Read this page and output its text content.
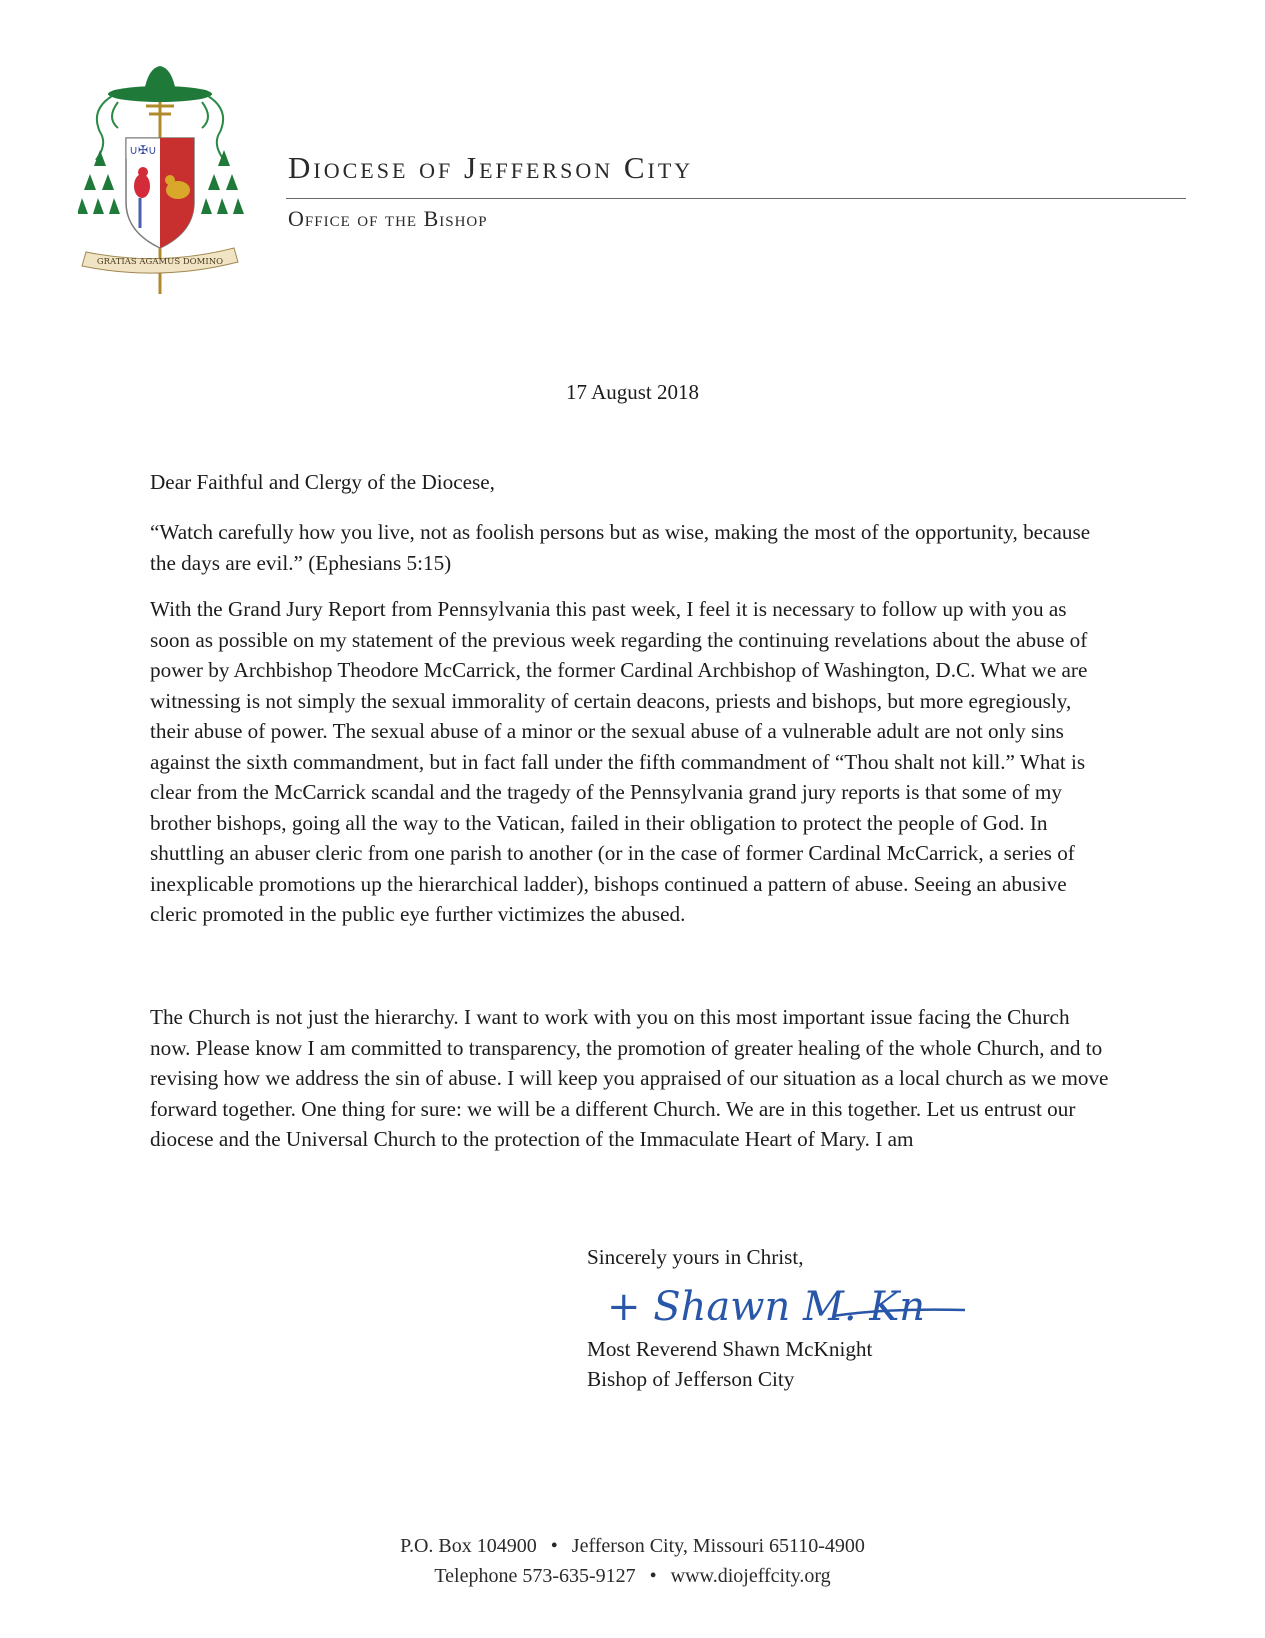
∪✠∪
GRATIAS AGAMUS DOMINO
Diocese of Jefferson City
Office of the Bishop
17 August 2018

Dear Faithful and Clergy of the Diocese,

“Watch carefully how you live, not as foolish persons but as wise, making the most of the opportunity, because the days are evil.” (Ephesians 5:15)

With the Grand Jury Report from Pennsylvania this past week, I feel it is necessary to follow up with you as soon as possible on my statement of the previous week regarding the continuing revelations about the abuse of power by Archbishop Theodore McCarrick, the former Cardinal Archbishop of Washington, D.C. What we are witnessing is not simply the sexual immorality of certain deacons, priests and bishops, but more egregiously, their abuse of power. The sexual abuse of a minor or the sexual abuse of a vulnerable adult are not only sins against the sixth commandment, but in fact fall under the fifth commandment of “Thou shalt not kill.” What is clear from the McCarrick scandal and the tragedy of the Pennsylvania grand jury reports is that some of my brother bishops, going all the way to the Vatican, failed in their obligation to protect the people of God. In shuttling an abuser cleric from one parish to another (or in the case of former Cardinal McCarrick, a series of inexplicable promotions up the hierarchical ladder), bishops continued a pattern of abuse. Seeing an abusive cleric promoted in the public eye further victimizes the abused.

The Church is not just the hierarchy. I want to work with you on this most important issue facing the Church now. Please know I am committed to transparency, the promotion of greater healing of the whole Church, and to revising how we address the sin of abuse. I will keep you appraised of our situation as a local church as we move forward together. One thing for sure: we will be a different Church. We are in this together. Let us entrust our diocese and the Universal Church to the protection of the Immaculate Heart of Mary. I am

Sincerely yours in Christ,
+ Shawn M. Kn
Most Reverend Shawn McKnight
Bishop of Jefferson City
P.O. Box 104900 • Jefferson City, Missouri 65110-4900
Telephone 573-635-9127 • www.diojeffcity.org
